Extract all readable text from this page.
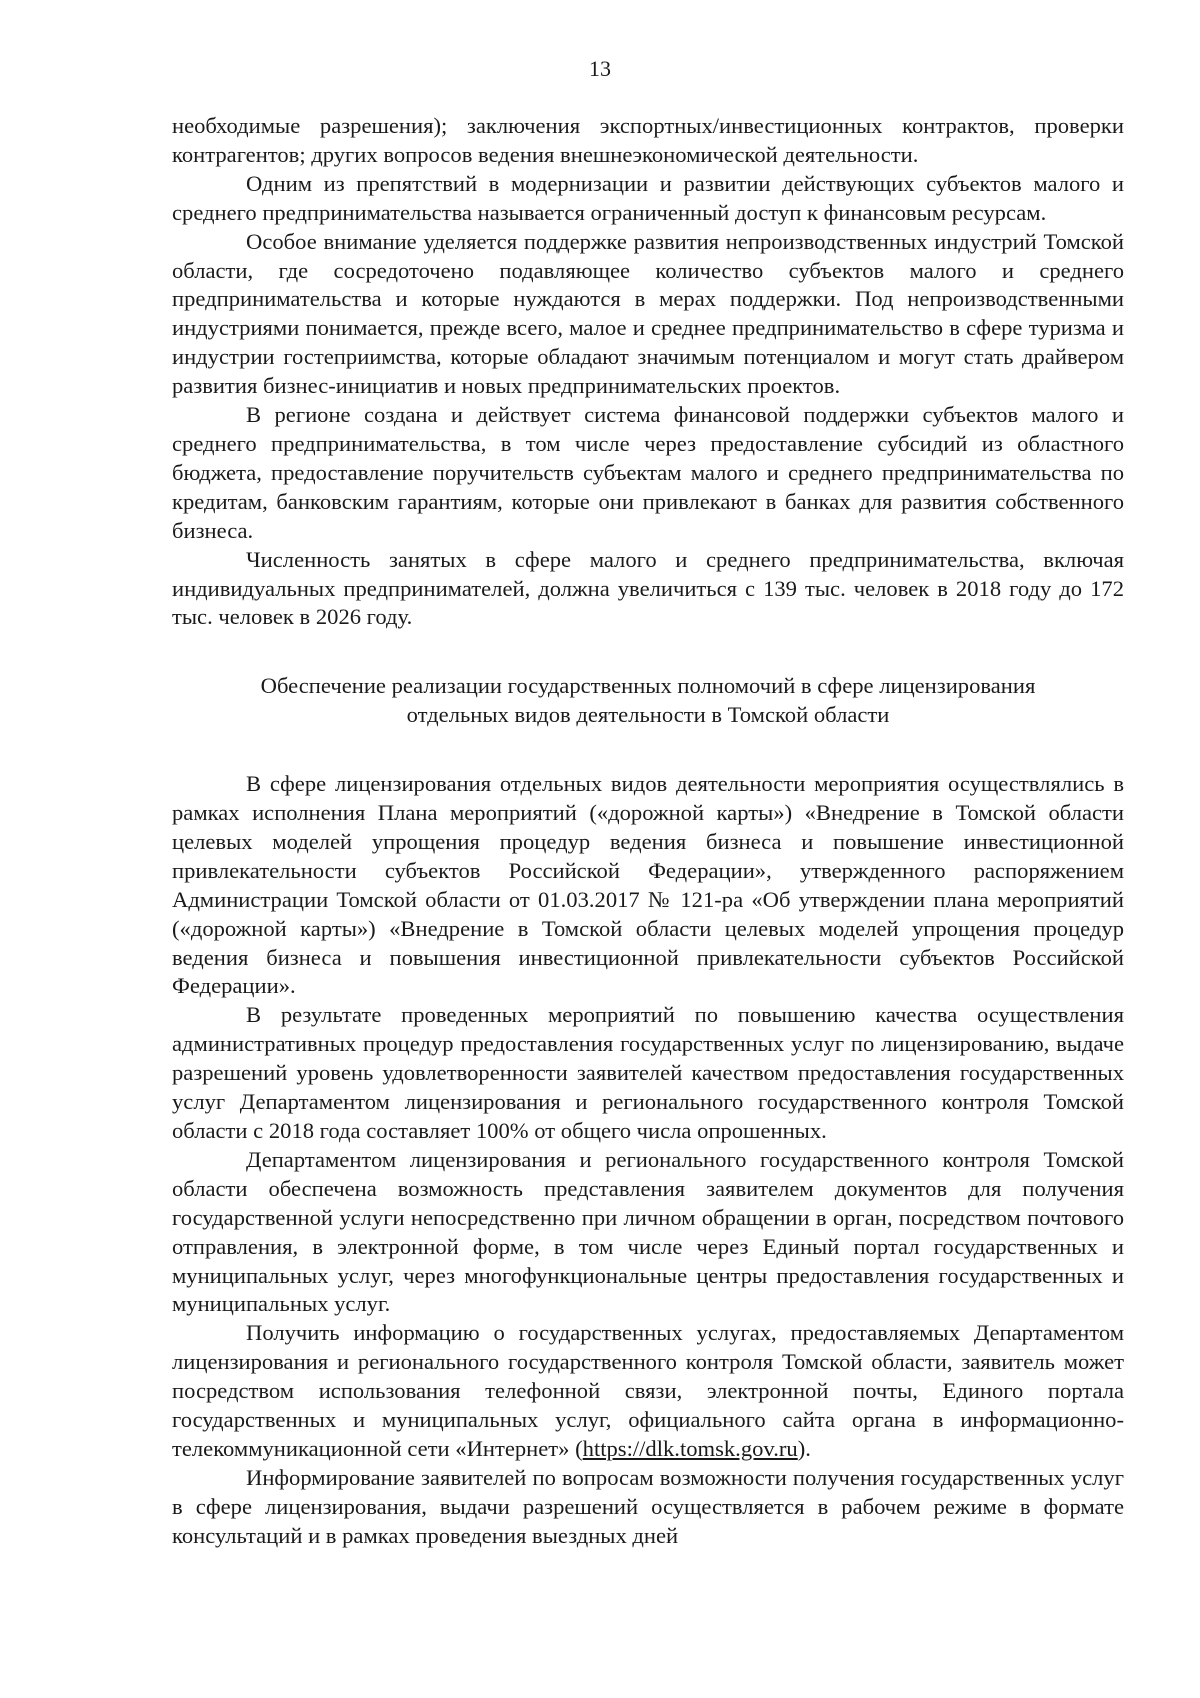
13

необходимые разрешения); заключения экспортных/инвестиционных контрактов, проверки контрагентов; других вопросов ведения внешнеэкономической деятельности.

Одним из препятствий в модернизации и развитии действующих субъектов малого и среднего предпринимательства называется ограниченный доступ к финансовым ресурсам.

Особое внимание уделяется поддержке развития непроизводственных индустрий Томской области, где сосредоточено подавляющее количество субъектов малого и среднего предпринимательства и которые нуждаются в мерах поддержки. Под непроизводственными индустриями понимается, прежде всего, малое и среднее предпринимательство в сфере туризма и индустрии гостеприимства, которые обладают значимым потенциалом и могут стать драйвером развития бизнес-инициатив и новых предпринимательских проектов.

В регионе создана и действует система финансовой поддержки субъектов малого и среднего предпринимательства, в том числе через предоставление субсидий из областного бюджета, предоставление поручительств субъектам малого и среднего предпринимательства по кредитам, банковским гарантиям, которые они привлекают в банках для развития собственного бизнеса.

Численность занятых в сфере малого и среднего предпринимательства, включая индивидуальных предпринимателей, должна увеличиться с 139 тыс. человек в 2018 году до 172 тыс. человек в 2026 году.

Обеспечение реализации государственных полномочий в сфере лицензирования
отдельных видов деятельности в Томской области

В сфере лицензирования отдельных видов деятельности мероприятия осуществлялись в рамках исполнения Плана мероприятий («дорожной карты») «Внедрение в Томской области целевых моделей упрощения процедур ведения бизнеса и повышение инвестиционной привлекательности субъектов Российской Федерации», утвержденного распоряжением Администрации Томской области от 01.03.2017 № 121-ра «Об утверждении плана мероприятий («дорожной карты») «Внедрение в Томской области целевых моделей упрощения процедур ведения бизнеса и повышения инвестиционной привлекательности субъектов Российской Федерации».

В результате проведенных мероприятий по повышению качества осуществления административных процедур предоставления государственных услуг по лицензированию, выдаче разрешений уровень удовлетворенности заявителей качеством предоставления государственных услуг Департаментом лицензирования и регионального государственного контроля Томской области с 2018 года составляет 100% от общего числа опрошенных.

Департаментом лицензирования и регионального государственного контроля Томской области обеспечена возможность представления заявителем документов для получения государственной услуги непосредственно при личном обращении в орган, посредством почтового отправления, в электронной форме, в том числе через Единый портал государственных и муниципальных услуг, через многофункциональные центры предоставления государственных и муниципальных услуг.

Получить информацию о государственных услугах, предоставляемых Департаментом лицензирования и регионального государственного контроля Томской области, заявитель может посредством использования телефонной связи, электронной почты, Единого портала государственных и муниципальных услуг, официального сайта органа в информационно-телекоммуникационной сети «Интернет» (https://dlk.tomsk.gov.ru).

Информирование заявителей по вопросам возможности получения государственных услуг в сфере лицензирования, выдачи разрешений осуществляется в рабочем режиме в формате консультаций и в рамках проведения выездных дней
